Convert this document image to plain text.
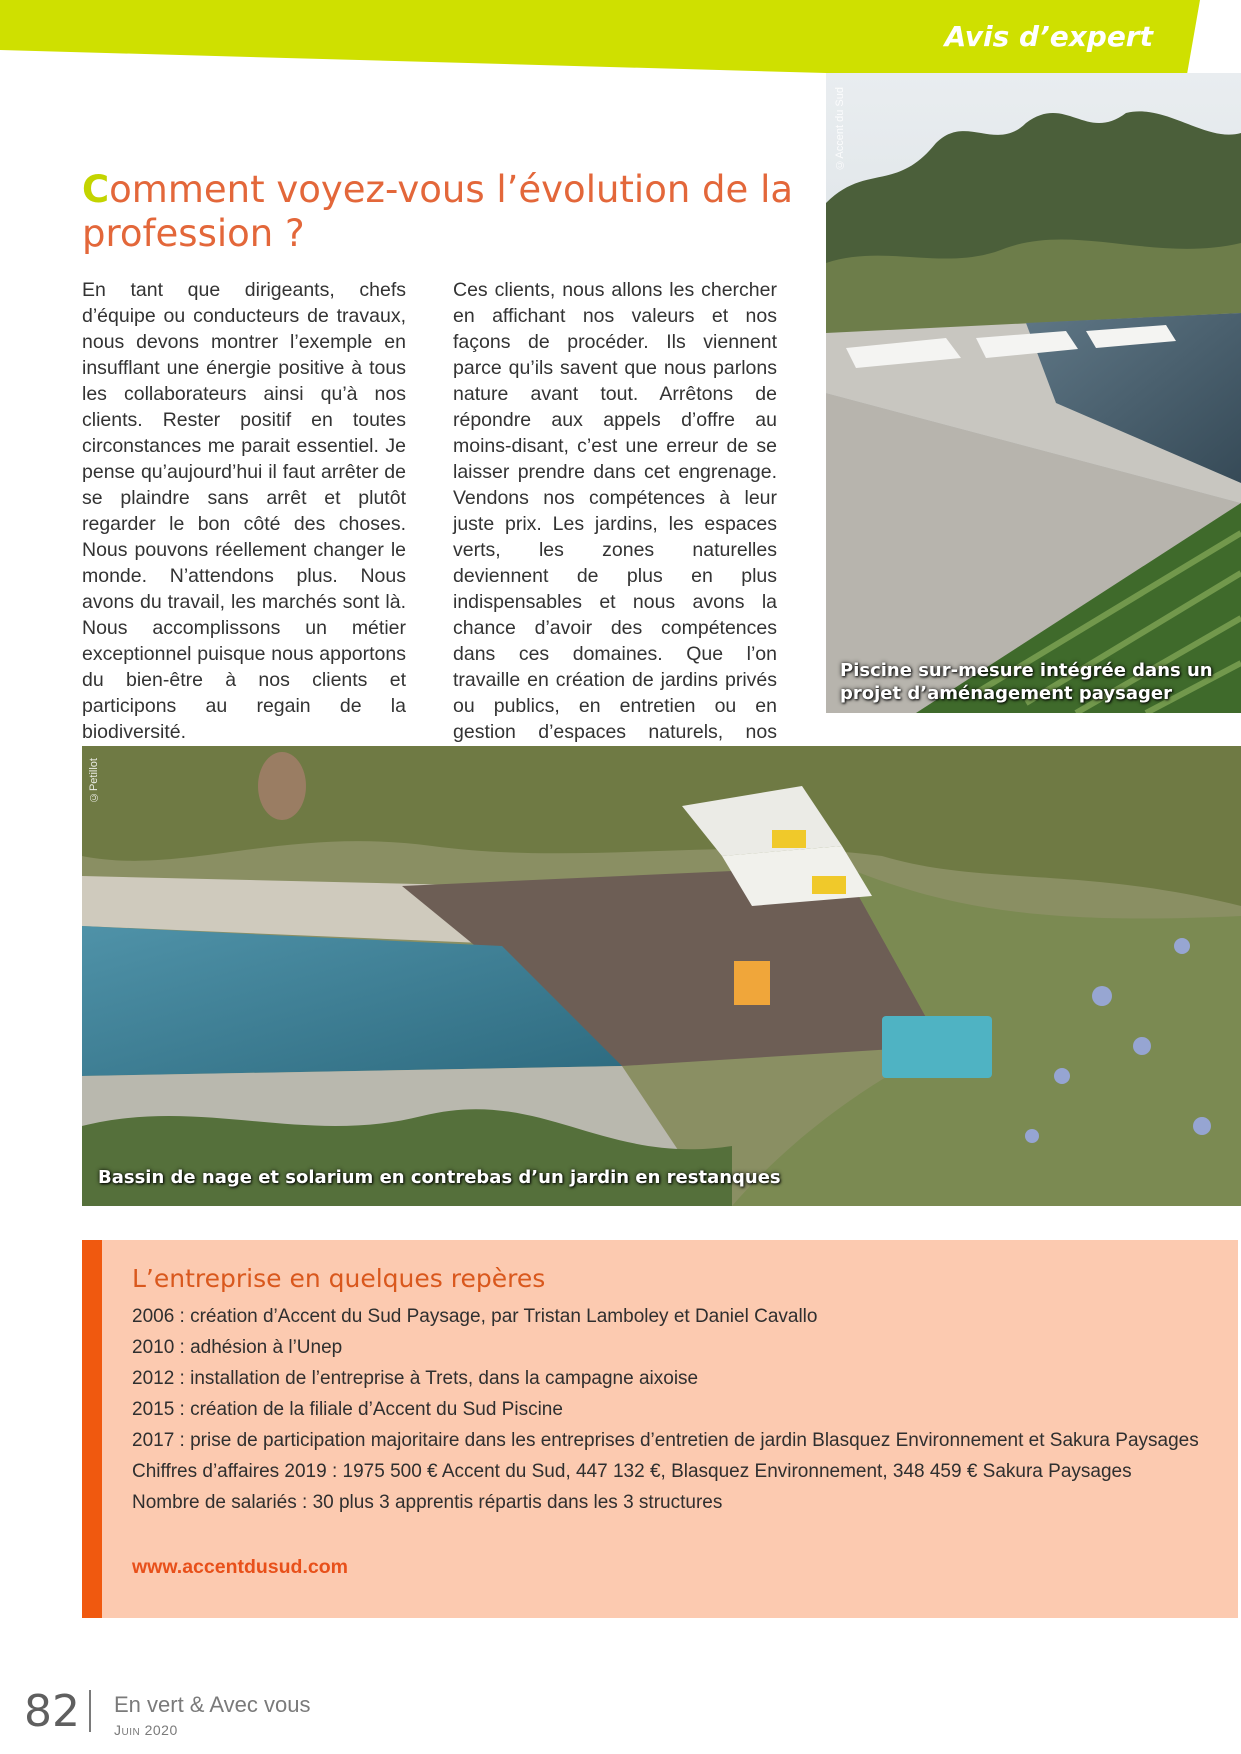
Avis d’expert
Comment voyez-vous l’évolution de la profession ?

En tant que dirigeants, chefs d’équipe ou conducteurs de travaux, nous devons montrer l’exemple en insufflant une énergie positive à tous les collaborateurs ainsi qu’à nos clients. Rester positif en toutes circonstances me parait essentiel. Je pense qu’aujourd’hui il faut arrêter de se plaindre sans arrêt et plutôt regarder le bon côté des choses. Nous pouvons réellement changer le monde. N’attendons plus. Nous avons du travail, les marchés sont là. Nous accomplissons un métier exceptionnel puisque nous apportons du bien-être à nos clients et participons au regain de la biodiversité.

Ces clients, nous allons les chercher en affichant nos valeurs et nos façons de procéder. Ils viennent parce qu’ils savent que nous parlons nature avant tout. Arrêtons de répondre aux appels d’offre au moins-disant, c’est une erreur de se laisser prendre dans cet engrenage. Vendons nos compétences à leur juste prix. Les jardins, les espaces verts, les zones naturelles deviennent de plus en plus indispensables et nous avons la chance d’avoir des compétences dans ces domaines. Que l’on travaille en création de jardins privés ou publics, en entretien ou en gestion d’espaces naturels, nos

©Accent du Sud
Piscine sur-mesure intégrée dans un projet d’aménagement paysager
©Petillot
Bassin de nage et solarium en contrebas d’un jardin en restanques
L’entreprise en quelques repères
2006 : création d’Accent du Sud Paysage, par Tristan Lamboley et Daniel Cavallo
2010 : adhésion à l’Unep
2012 : installation de l’entreprise à Trets, dans la campagne aixoise
2015 : création de la filiale d’Accent du Sud Piscine
2017 : prise de participation majoritaire dans les entreprises d’entretien de jardin Blasquez Environnement et Sakura Paysages
Chiffres d’affaires 2019 : 1975 500 € Accent du Sud, 447 132 €, Blasquez Environnement, 348 459 € Sakura Paysages
Nombre de salariés : 30 plus 3 apprentis répartis dans les 3 structures
www.accentdusud.com
82 En vert & Avec vous
Juin 2020
